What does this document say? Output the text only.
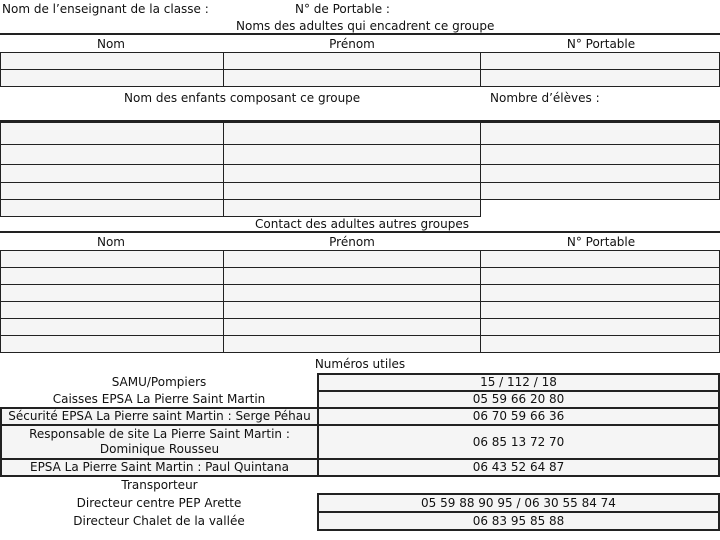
Nom de l’enseignant de la classe :	N° de Portable :
Noms des adultes qui encadrent ce groupe
Nom	Prénom	N° Portable

Nom des enfants composant ce groupe	Nombre d’élèves :

Contact des adultes autres groupes
Nom	Prénom	N° Portable

Numéros utiles
SAMU/Pompiers	15 / 112 / 18
Caisses EPSA La Pierre Saint Martin	05 59 66 20 80
Sécurité EPSA La Pierre saint Martin : Serge Péhau	06 70 59 66 36
Responsable de site La Pierre Saint Martin : Dominique Rousseu	06 85 13 72 70
EPSA La Pierre Saint Martin : Paul Quintana	06 43 52 64 87
Transporteur	
Directeur centre PEP Arette	05 59 88 90 95 / 06 30 55 84 74
Directeur Chalet de la vallée	06 83 95 85 88
